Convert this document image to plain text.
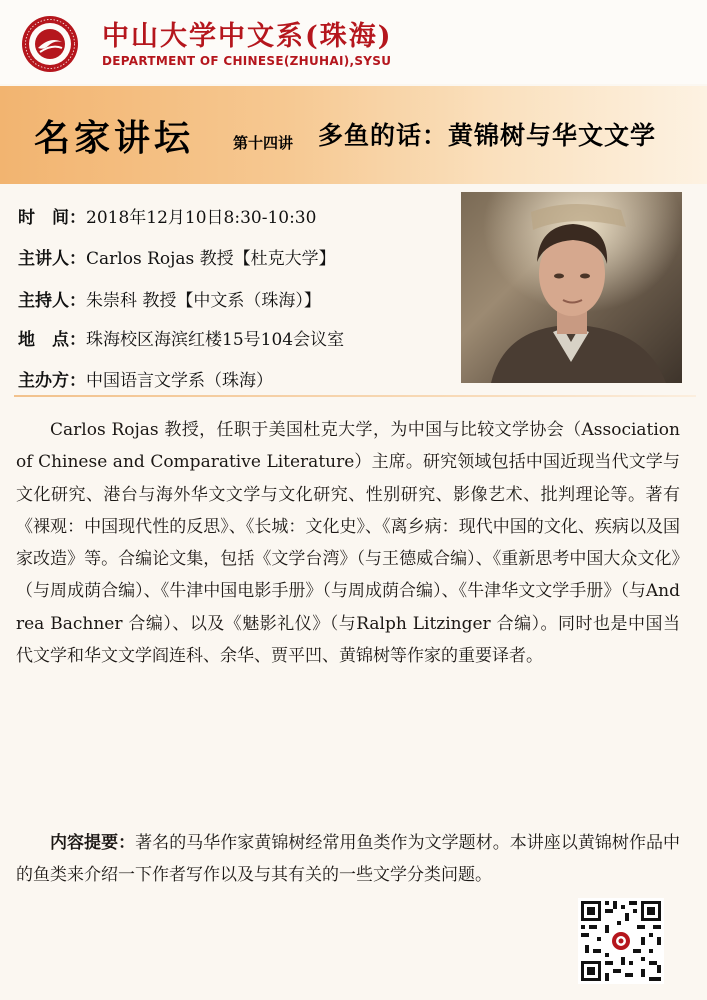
中山大学中文系(珠海)
DEPARTMENT OF CHINESE(ZHUHAI),SYSU
名家讲坛	第十四讲 多鱼的话：黄锦树与华文文学
时　间：2018年12月10日8:30-10:30
主讲人：Carlos Rojas 教授【杜克大学】
主持人：朱崇科 教授【中文系（珠海）】
地　点：珠海校区海滨红楼15号104会议室
主办方：中国语言文学系（珠海）
Carlos Rojas 教授，任职于美国杜克大学，为中国与比较文学协会（Association of Chinese and Comparative Literature）主席。研究领域包括中国近现当代文学与文化研究、港台与海外华文文学与文化研究、性别研究、影像艺术、批判理论等。著有《裸观：中国现代性的反思》、《长城：文化史》、《离乡病：现代中国的文化、疾病以及国家改造》等。合编论文集，包括《文学台湾》（与王德威合编）、《重新思考中国大众文化》（与周成荫合编）、《牛津中国电影手册》（与周成荫合编）、《牛津华文文学手册》（与Andrea Bachner 合编）、以及《魅影礼仪》（与Ralph Litzinger 合编）。同时也是中国当代文学和华文文学阎连科、余华、贾平凹、黄锦树等作家的重要译者。
内容提要：著名的马华作家黄锦树经常用鱼类作为文学题材。本讲座以黄锦树作品中的鱼类来介绍一下作者写作以及与其有关的一些文学分类问题。
